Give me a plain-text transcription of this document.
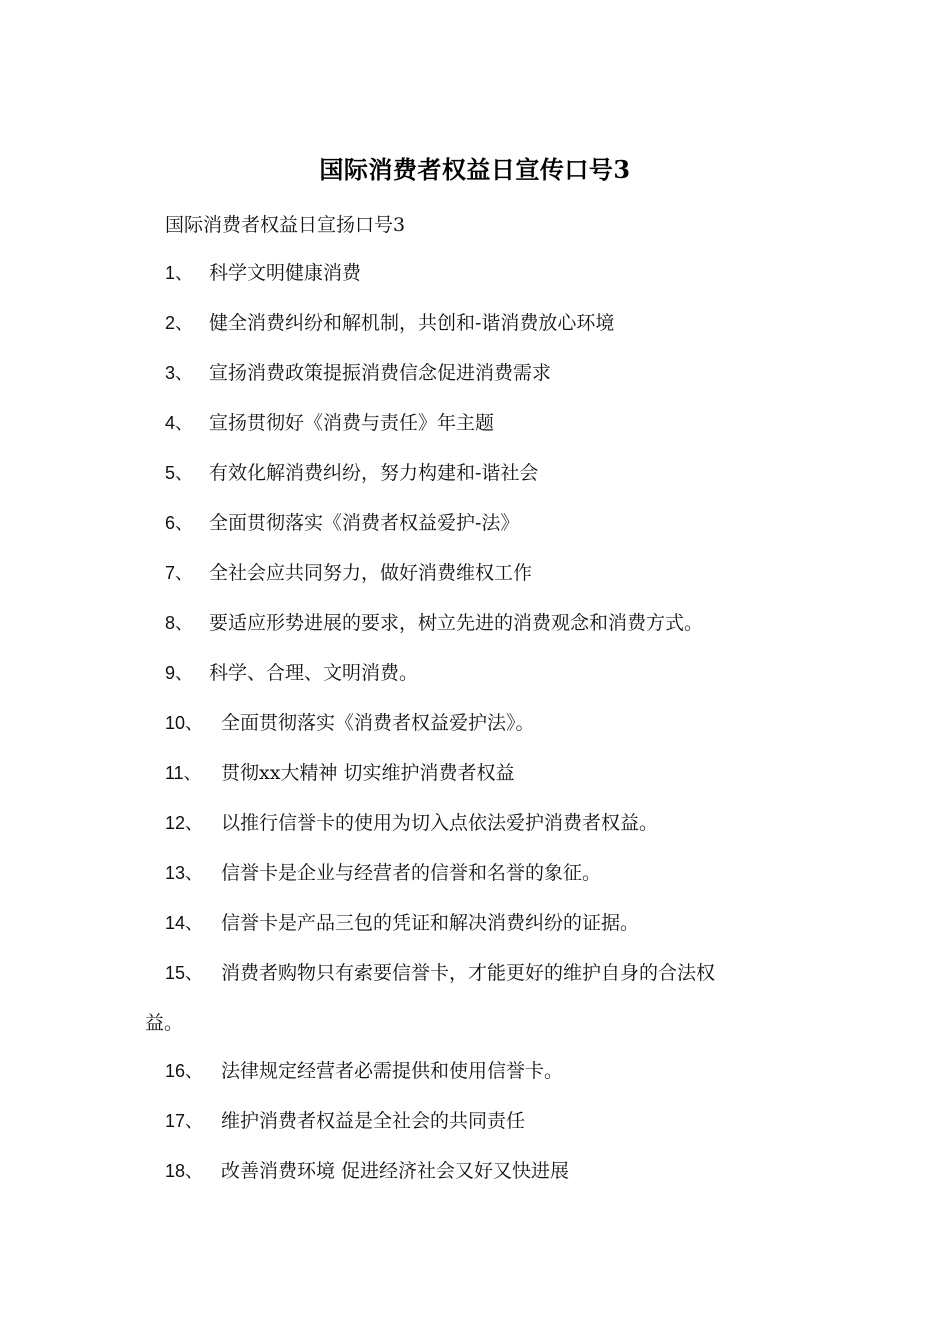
国际消费者权益日宣传口号3
国际消费者权益日宣扬口号3
1、 科学文明健康消费
2、 健全消费纠纷和解机制，共创和-谐消费放心环境
3、 宣扬消费政策提振消费信念促进消费需求
4、 宣扬贯彻好《消费与责任》年主题
5、 有效化解消费纠纷，努力构建和-谐社会
6、 全面贯彻落实《消费者权益爱护-法》
7、 全社会应共同努力，做好消费维权工作
8、 要适应形势进展的要求，树立先进的消费观念和消费方式。
9、 科学、合理、文明消费。
10、 全面贯彻落实《消费者权益爱护法》。
11、 贯彻xx大精神 切实维护消费者权益
12、 以推行信誉卡的使用为切入点依法爱护消费者权益。
13、 信誉卡是企业与经营者的信誉和名誉的象征。
14、 信誉卡是产品三包的凭证和解决消费纠纷的证据。
15、 消费者购物只有索要信誉卡，才能更好的维护自身的合法权
益。
16、 法律规定经营者必需提供和使用信誉卡。
17、 维护消费者权益是全社会的共同责任
18、 改善消费环境 促进经济社会又好又快进展
